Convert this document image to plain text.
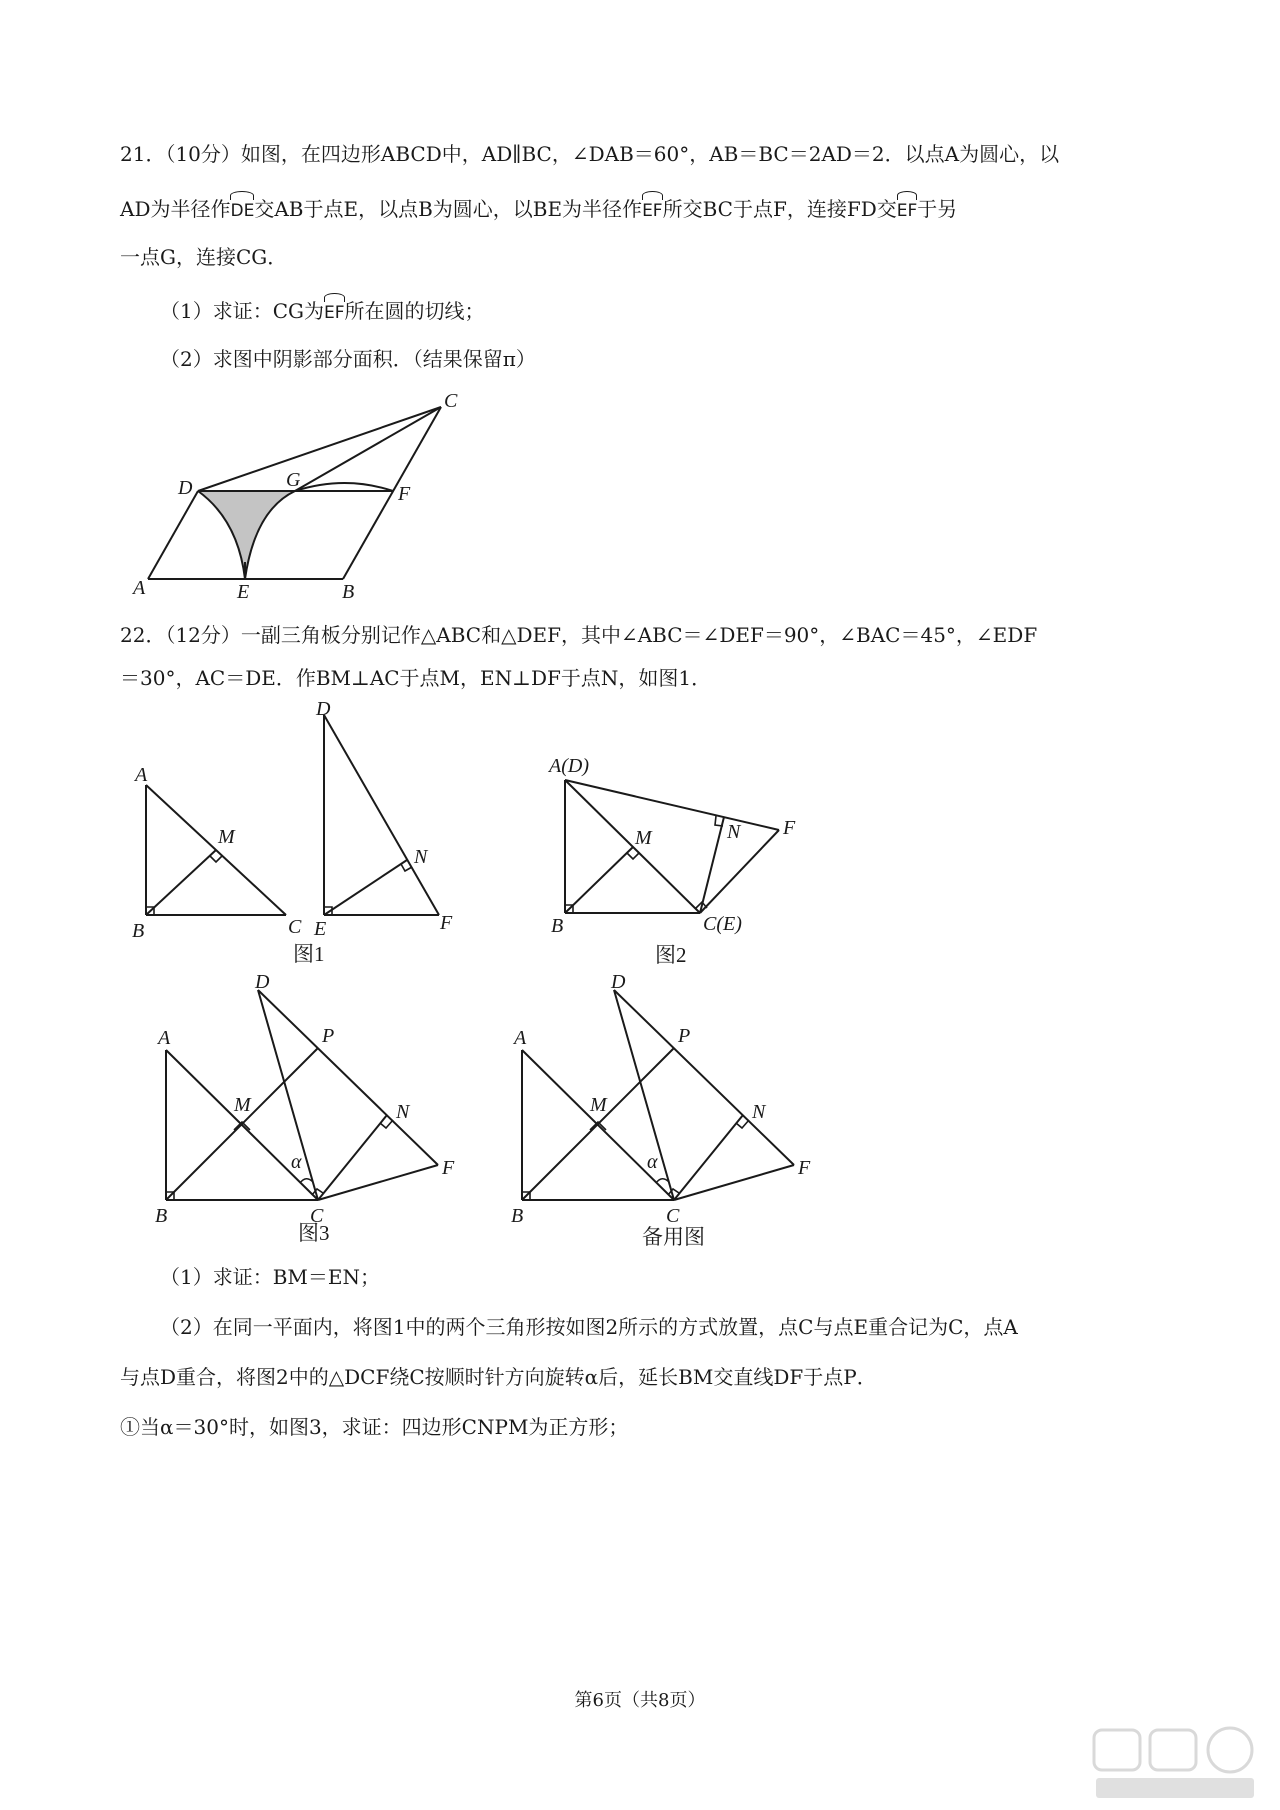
21．（10分）如图，在四边形ABCD中，AD∥BC，∠DAB＝60°，AB＝BC＝2AD＝2．以点A为圆心，以
AD为半径作DE交AB于点E，以点B为圆心，以BE为半径作EF所交BC于点F，连接FD交EF于另
一点G，连接CG．
（1）求证：CG为EF所在圆的切线；
（2）求图中阴影部分面积．（结果保留π）
C
D	G
F
A	E	B
22．（12分）一副三角板分别记作△ABC和△DEF，其中∠ABC＝∠DEF＝90°，∠BAC＝45°，∠EDF
＝30°，AC＝DE．作BM⊥AC于点M，EN⊥DF于点N，如图1．
A
M
B	C
D
N
E	F
图1
A(D)
N F
M
B	C(E)
图2
D
P
A
M	N
α	F
B	C
图3
D
P
A
M	N
α	F
B	C
备用图
（1）求证：BM＝EN；
（2）在同一平面内，将图1中的两个三角形按如图2所示的方式放置，点C与点E重合记为C，点A
与点D重合，将图2中的△DCF绕C按顺时针方向旋转α后，延长BM交直线DF于点P．
①当α＝30°时，如图3，求证：四边形CNPM为正方形；
第6页（共8页）
